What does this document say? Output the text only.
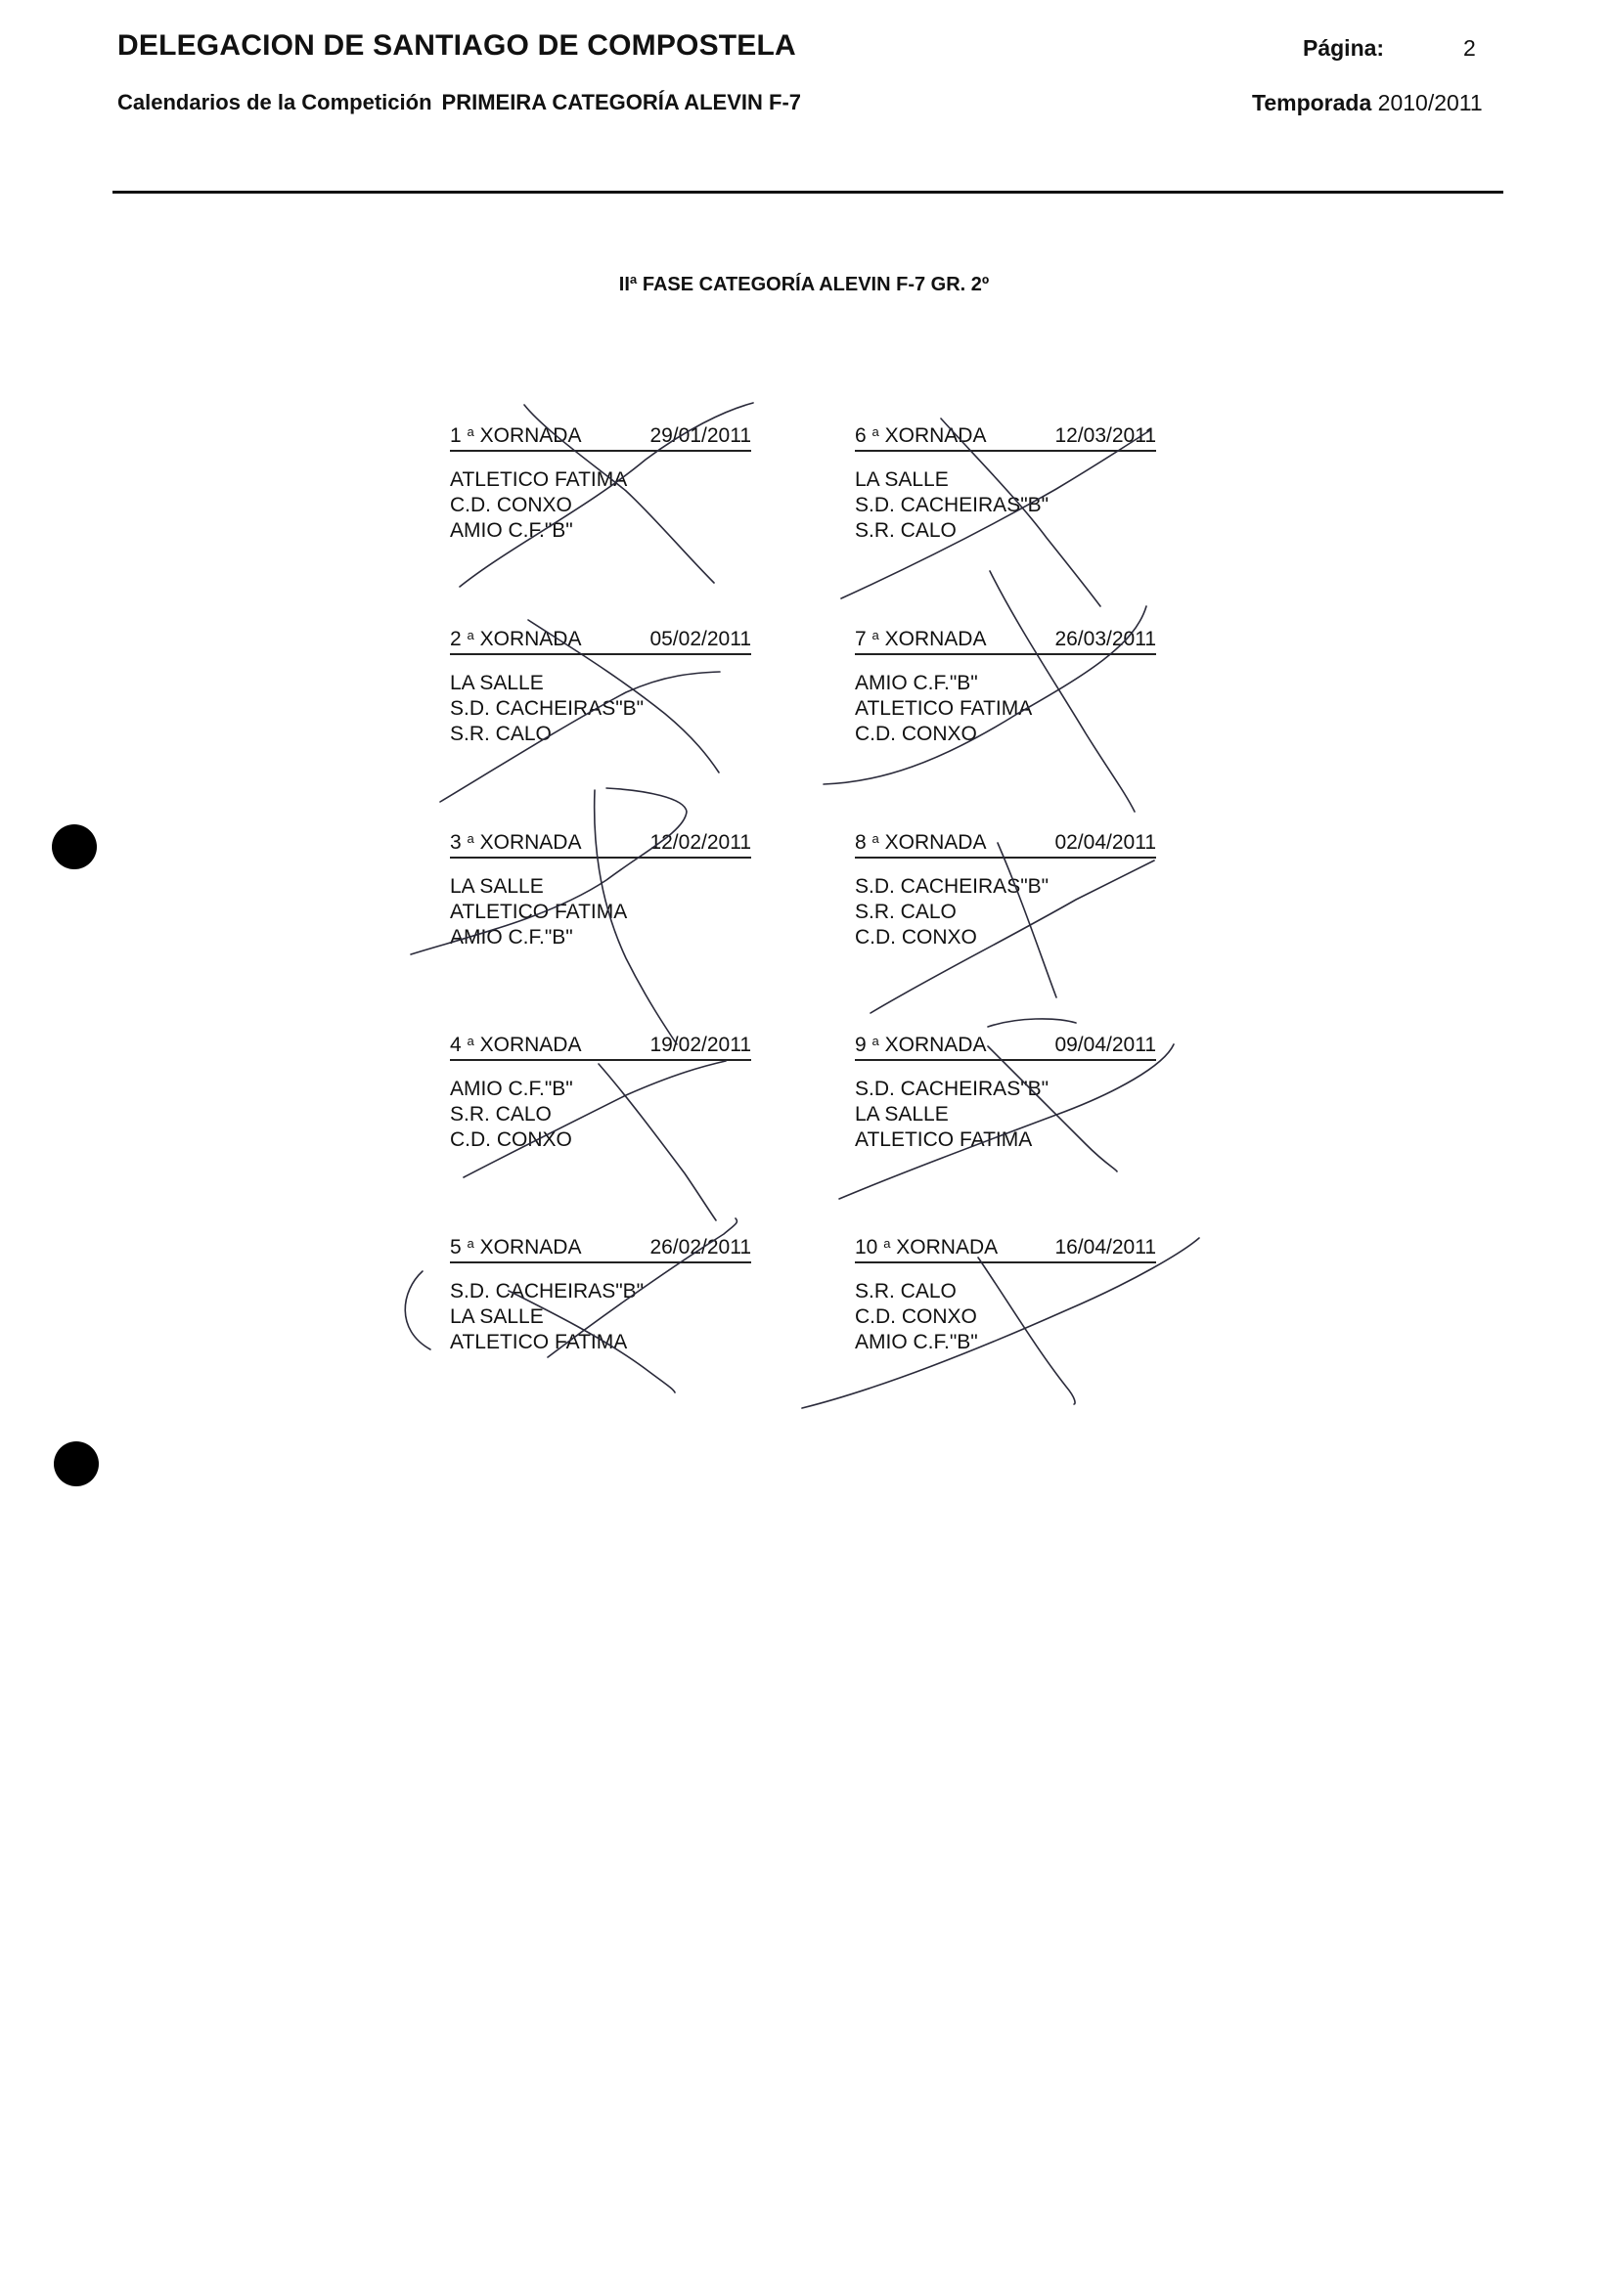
DELEGACION DE SANTIAGO DE COMPOSTELA	Página:	2
Calendarios de la Competición PRIMEIRA CATEGORÍA ALEVIN F-7	Temporada 2010/2011
IIª FASE CATEGORÍA ALEVIN F-7 GR. 2º
1 $^a$ XORNADA	29/01/2011
ATLETICO FATIMA
C.D. CONXO
AMIO C.F."B"
2 $^a$ XORNADA	05/02/2011
LA SALLE
S.D. CACHEIRAS"B"
S.R. CALO
3 $^a$ XORNADA	12/02/2011
LA SALLE
ATLETICO FATIMA
AMIO C.F."B"
4 $^a$ XORNADA	19/02/2011
AMIO C.F."B"
S.R. CALO
C.D. CONXO
5 $^a$ XORNADA	26/02/2011
S.D. CACHEIRAS"B"
LA SALLE
ATLETICO FATIMA
6 $^a$ XORNADA	12/03/2011
LA SALLE
S.D. CACHEIRAS"B"
S.R. CALO
7 $^a$ XORNADA	26/03/2011
AMIO C.F."B"
ATLETICO FATIMA
C.D. CONXO
8 $^a$ XORNADA	02/04/2011
S.D. CACHEIRAS"B"
S.R. CALO
C.D. CONXO
9 $^a$ XORNADA	09/04/2011
S.D. CACHEIRAS"B"
LA SALLE
ATLETICO FATIMA
10 $^a$ XORNADA	16/04/2011
S.R. CALO
C.D. CONXO
AMIO C.F."B"
